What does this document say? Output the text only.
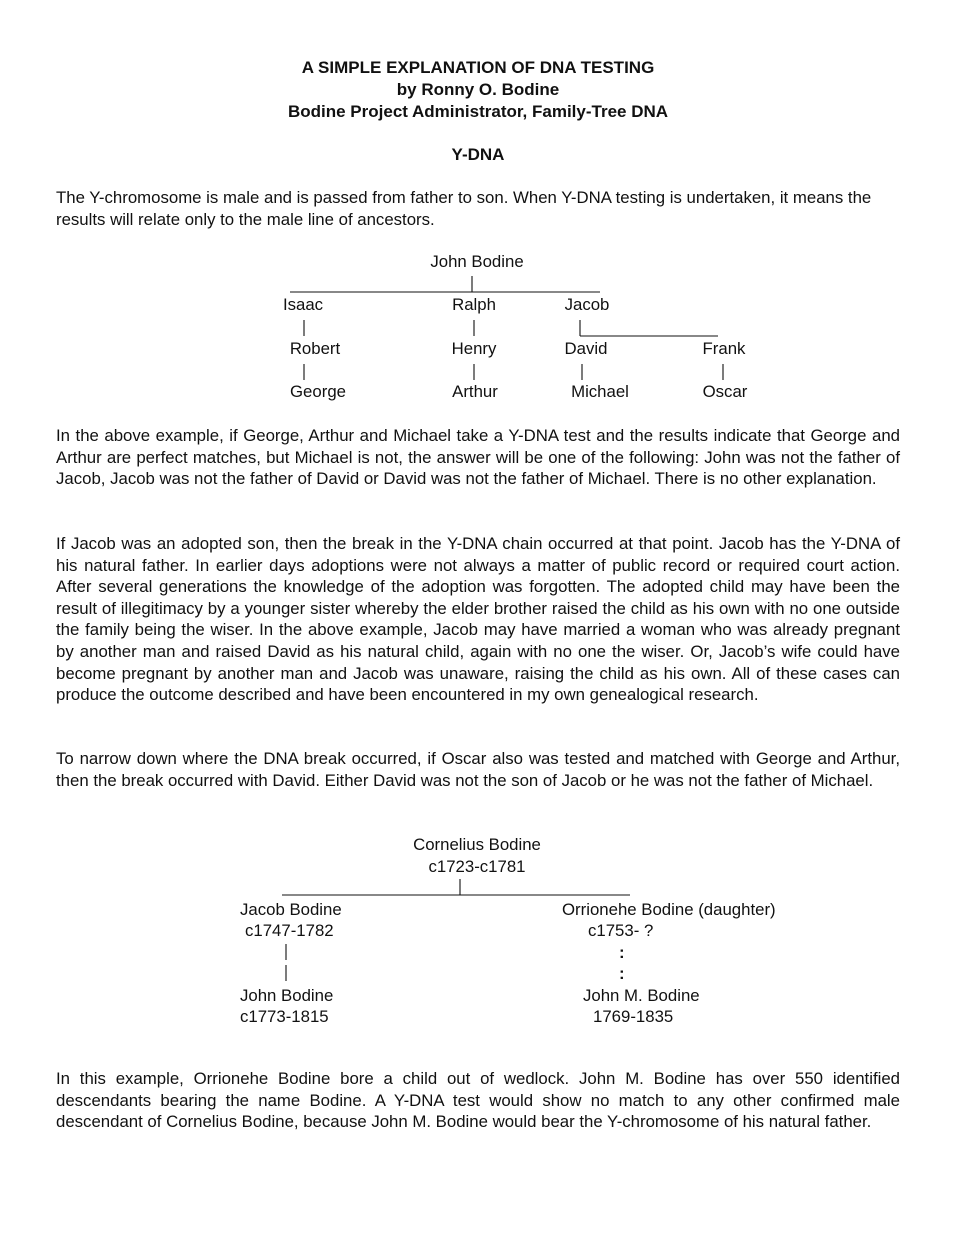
A SIMPLE EXPLANATION OF DNA TESTING
by Ronny O. Bodine
Bodine Project Administrator, Family-Tree DNA
Y-DNA
The Y-chromosome is male and is passed from father to son. When Y-DNA testing is undertaken, it means the results will relate only to the male line of ancestors.
John Bodine
Isaac	Ralph	Jacob
Robert	Henry	David	Frank
George	Arthur	Michael	Oscar
In the above example, if George, Arthur and Michael take a Y-DNA test and the results indicate that George and Arthur are perfect matches, but Michael is not, the answer will be one of the following: John was not the father of Jacob, Jacob was not the father of David or David was not the father of Michael. There is no other explanation.
If Jacob was an adopted son, then the break in the Y-DNA chain occurred at that point. Jacob has the Y-DNA of his natural father. In earlier days adoptions were not always a matter of public record or required court action. After several generations the knowledge of the adoption was forgotten. The adopted child may have been the result of illegitimacy by a younger sister whereby the elder brother raised the child as his own with no one outside the family being the wiser. In the above example, Jacob may have married a woman who was already pregnant by another man and raised David as his natural child, again with no one the wiser. Or, Jacob’s wife could have become pregnant by another man and Jacob was unaware, raising the child as his own. All of these cases can produce the outcome described and have been encountered in my own genealogical research.
To narrow down where the DNA break occurred, if Oscar also was tested and matched with George and Arthur, then the break occurred with David. Either David was not the son of Jacob or he was not the father of Michael.
Cornelius Bodine
c1723-c1781
Jacob Bodine
c1747-1782
Orrionehe Bodine (daughter)
c1753- ?
:
:
John Bodine
c1773-1815
John M. Bodine
1769-1835
In this example, Orrionehe Bodine bore a child out of wedlock. John M. Bodine has over 550 identified descendants bearing the name Bodine. A Y-DNA test would show no match to any other confirmed male descendant of Cornelius Bodine, because John M. Bodine would bear the Y-chromosome of his natural father.
